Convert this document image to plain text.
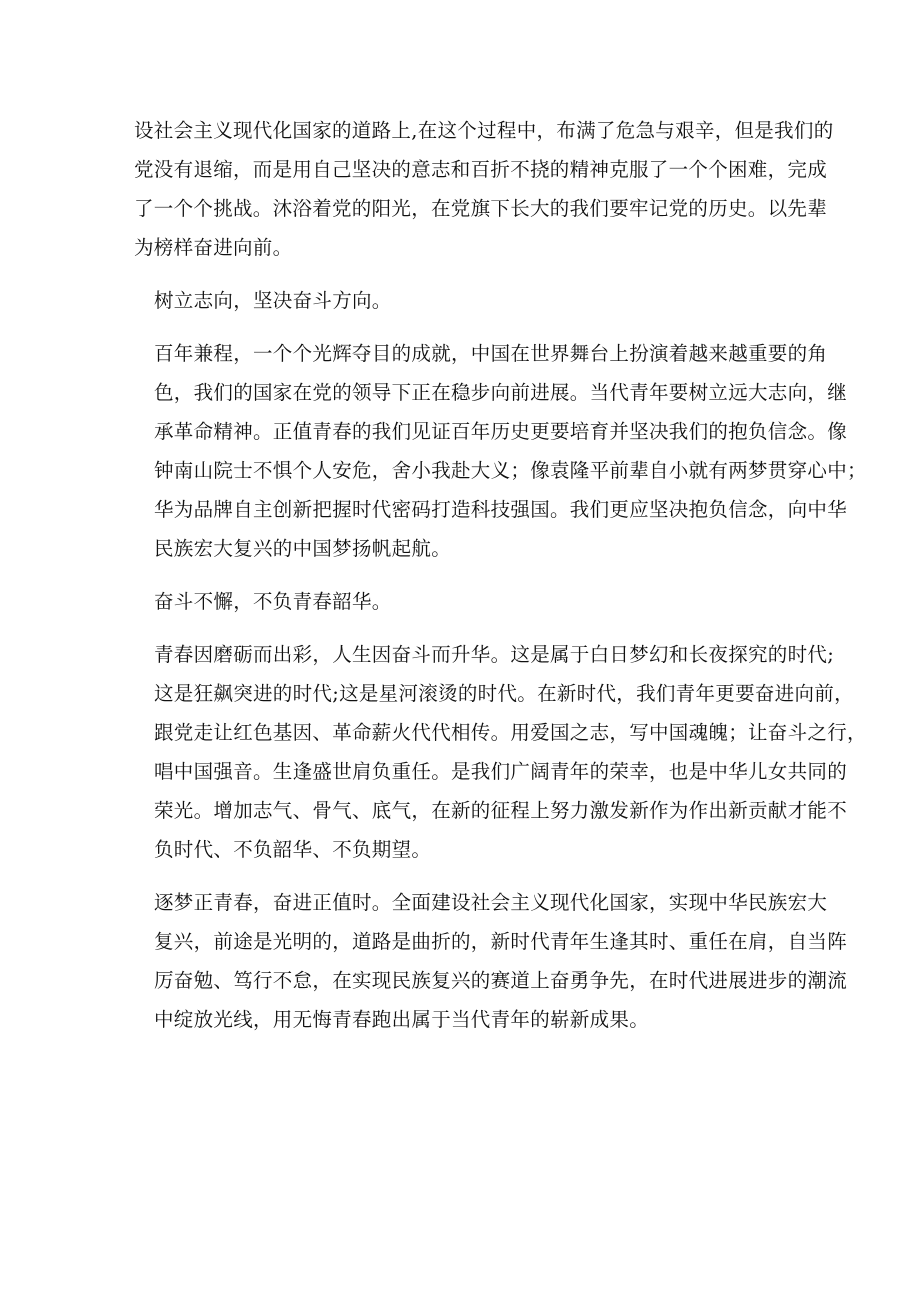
设社会主义现代化国家的道路上,在这个过程中，布满了危急与艰辛，但是我们的
党没有退缩，而是用自己坚决的意志和百折不挠的精神克服了一个个困难，完成
了一个个挑战。沐浴着党的阳光，在党旗下长大的我们要牢记党的历史。以先辈
为榜样奋进向前。

树立志向，坚决奋斗方向。

百年兼程，一个个光辉夺目的成就，中国在世界舞台上扮演着越来越重要的角
色，我们的国家在党的领导下正在稳步向前进展。当代青年要树立远大志向，继
承革命精神。正值青春的我们见证百年历史更要培育并坚决我们的抱负信念。像
钟南山院士不惧个人安危，舍小我赴大义；像袁隆平前辈自小就有两梦贯穿心中；
华为品牌自主创新把握时代密码打造科技强国。我们更应坚决抱负信念，向中华
民族宏大复兴的中国梦扬帆起航。

奋斗不懈，不负青春韶华。

青春因磨砺而出彩，人生因奋斗而升华。这是属于白日梦幻和长夜探究的时代;
这是狂飙突进的时代;这是星河滚烫的时代。在新时代，我们青年更要奋进向前，
跟党走让红色基因、革命薪火代代相传。用爱国之志，写中国魂魄；让奋斗之行，
唱中国强音。生逢盛世肩负重任。是我们广阔青年的荣幸，也是中华儿女共同的
荣光。增加志气、骨气、底气，在新的征程上努力激发新作为作出新贡献才能不
负时代、不负韶华、不负期望。

逐梦正青春，奋进正值时。全面建设社会主义现代化国家，实现中华民族宏大
复兴，前途是光明的，道路是曲折的，新时代青年生逢其时、重任在肩，自当阵
厉奋勉、笃行不怠，在实现民族复兴的赛道上奋勇争先，在时代进展进步的潮流
中绽放光线，用无悔青春跑出属于当代青年的崭新成果。
